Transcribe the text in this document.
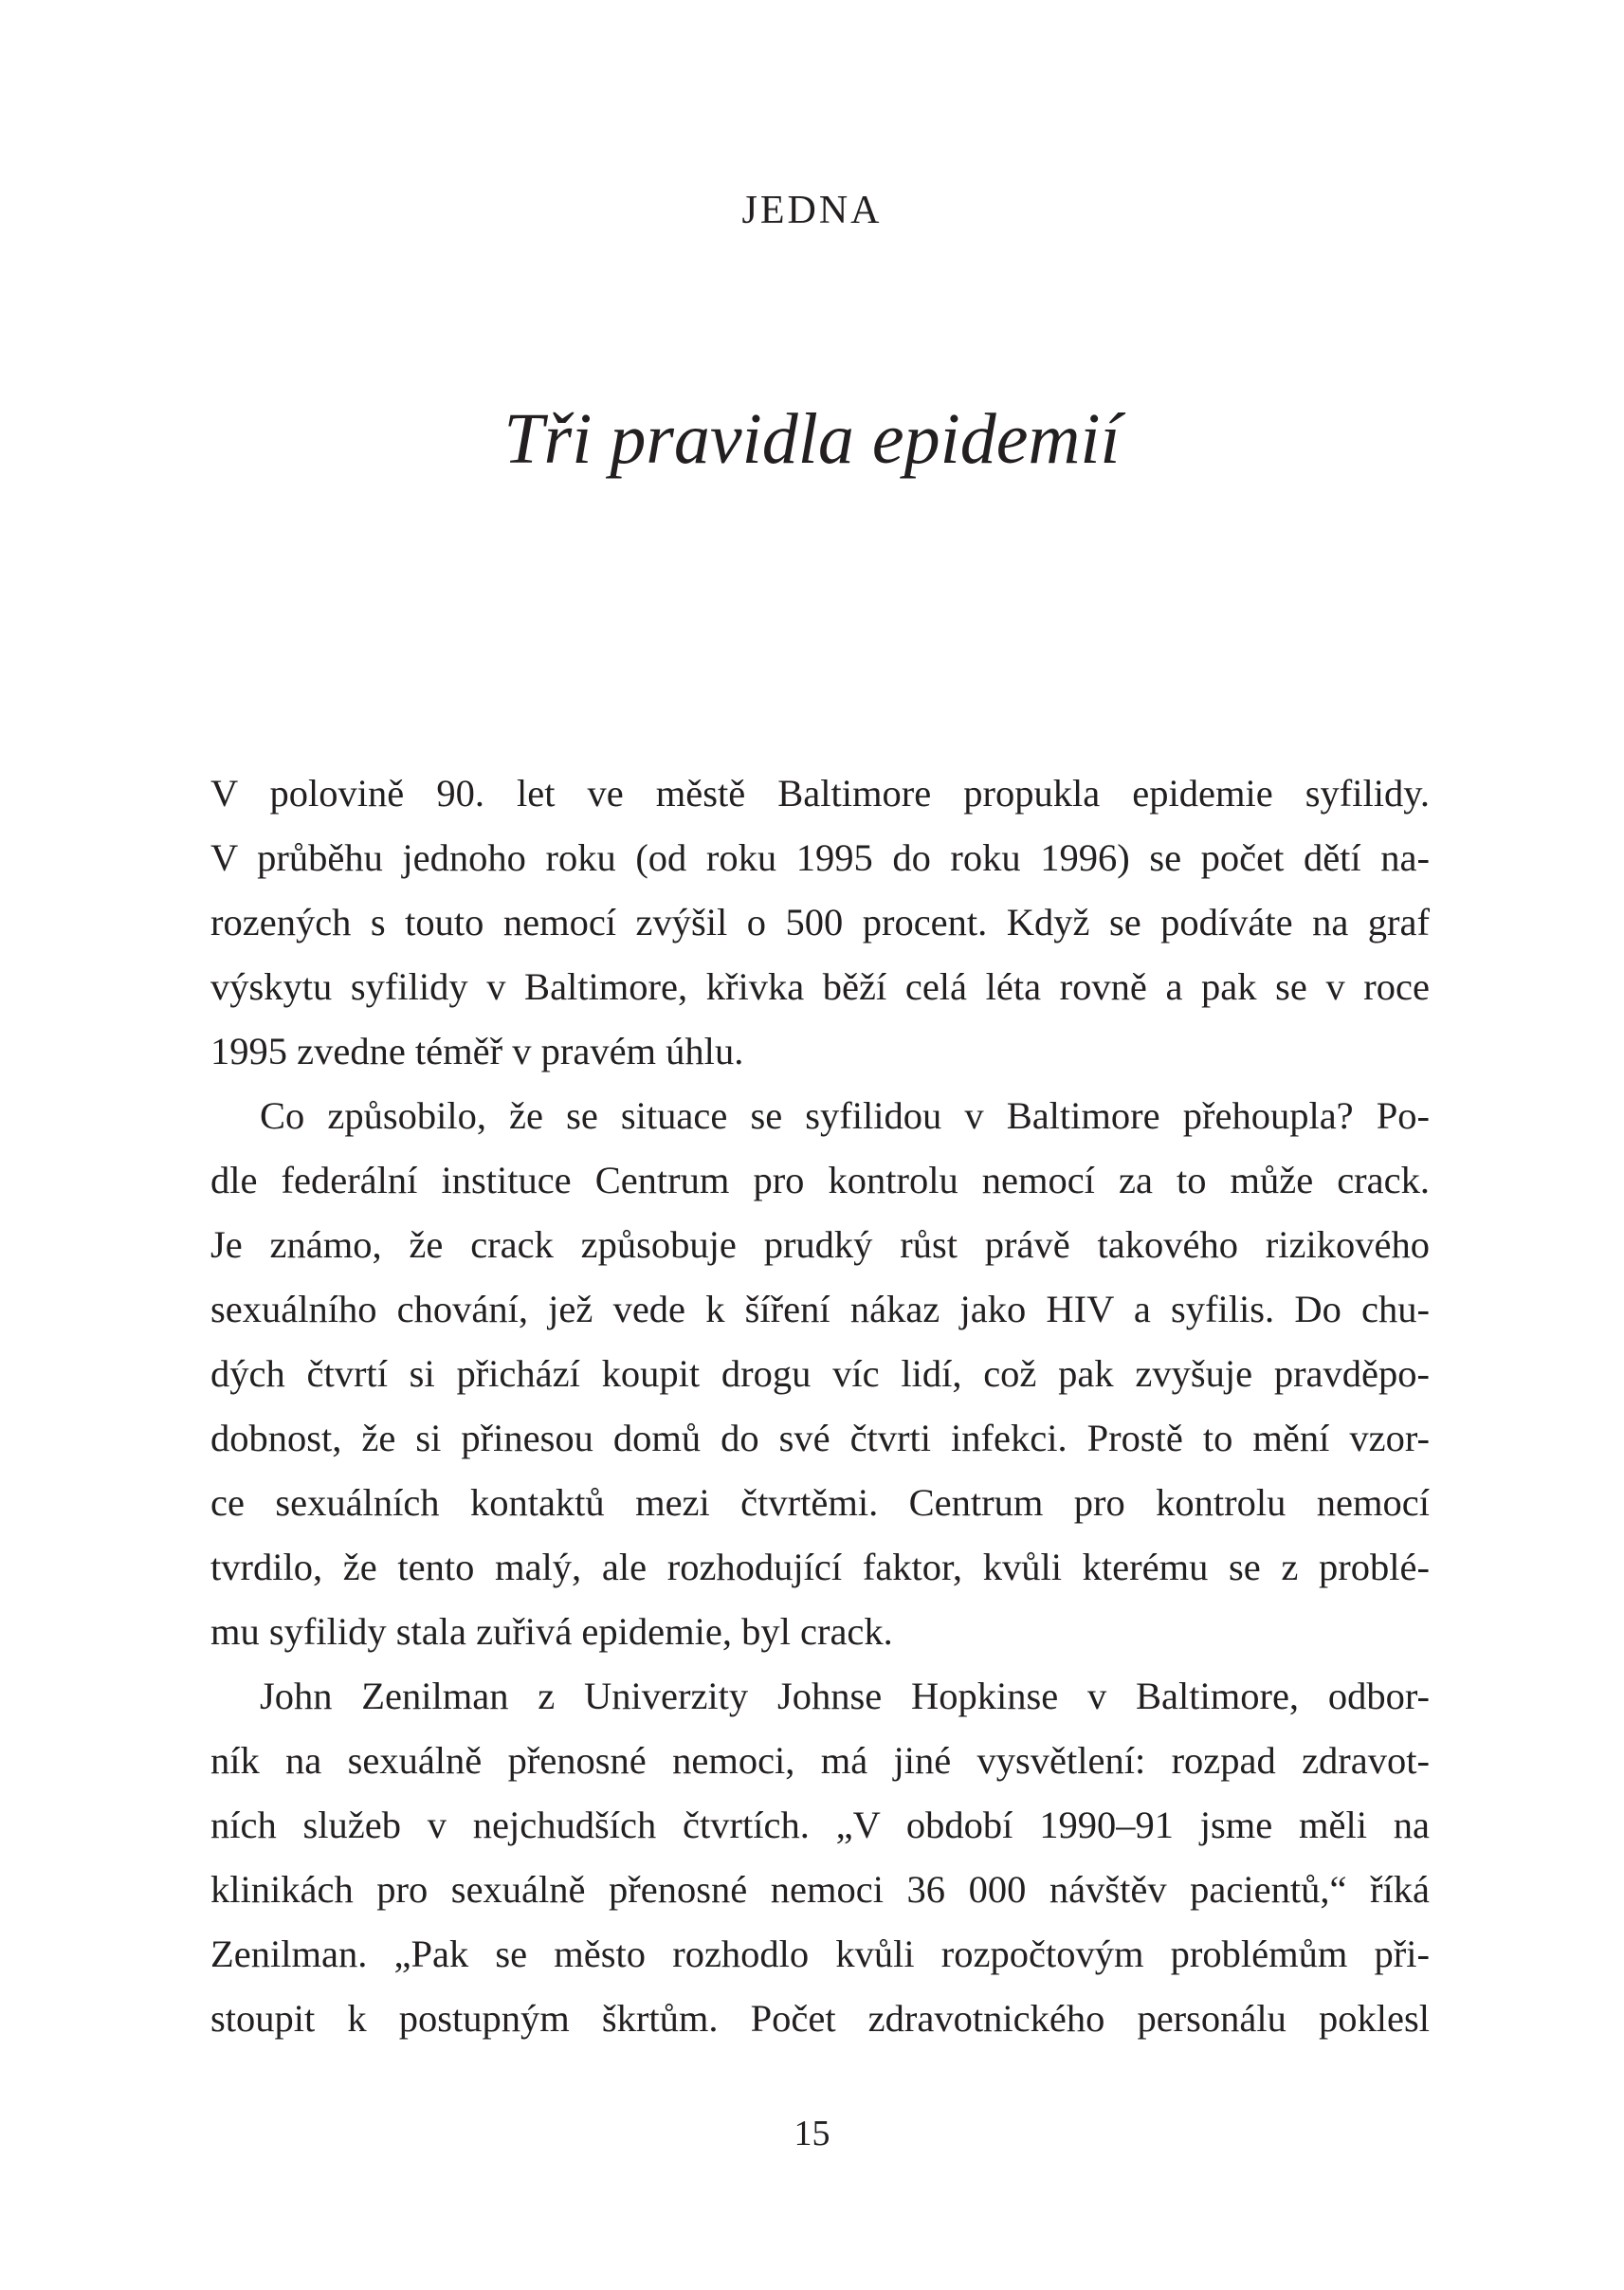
JEDNA
Tři pravidla epidemií
V polovině 90. let ve městě Baltimore propukla epidemie syfilidy.
V průběhu jednoho roku (od roku 1995 do roku 1996) se počet dětí na-
rozených s touto nemocí zvýšil o 500 procent. Když se podíváte na graf
výskytu syfilidy v Baltimore, křivka běží celá léta rovně a pak se v roce
1995 zvedne téměř v pravém úhlu.
Co způsobilo, že se situace se syfilidou v Baltimore přehoupla? Po-
dle federální instituce Centrum pro kontrolu nemocí za to může crack.
Je známo, že crack způsobuje prudký růst právě takového rizikového
sexuálního chování, jež vede k šíření nákaz jako HIV a syfilis. Do chu-
dých čtvrtí si přichází koupit drogu víc lidí, což pak zvyšuje pravděpo-
dobnost, že si přinesou domů do své čtvrti infekci. Prostě to mění vzor-
ce sexuálních kontaktů mezi čtvrtěmi. Centrum pro kontrolu nemocí
tvrdilo, že tento malý, ale rozhodující faktor, kvůli kterému se z problé-
mu syfilidy stala zuřivá epidemie, byl crack.
John Zenilman z Univerzity Johnse Hopkinse v Baltimore, odbor-
ník na sexuálně přenosné nemoci, má jiné vysvětlení: rozpad zdravot-
ních služeb v nejchudších čtvrtích. „V období 1990–91 jsme měli na
klinikách pro sexuálně přenosné nemoci 36 000 návštěv pacientů,“ říká
Zenilman. „Pak se město rozhodlo kvůli rozpočtovým problémům při-
stoupit k postupným škrtům. Počet zdravotnického personálu poklesl
15
